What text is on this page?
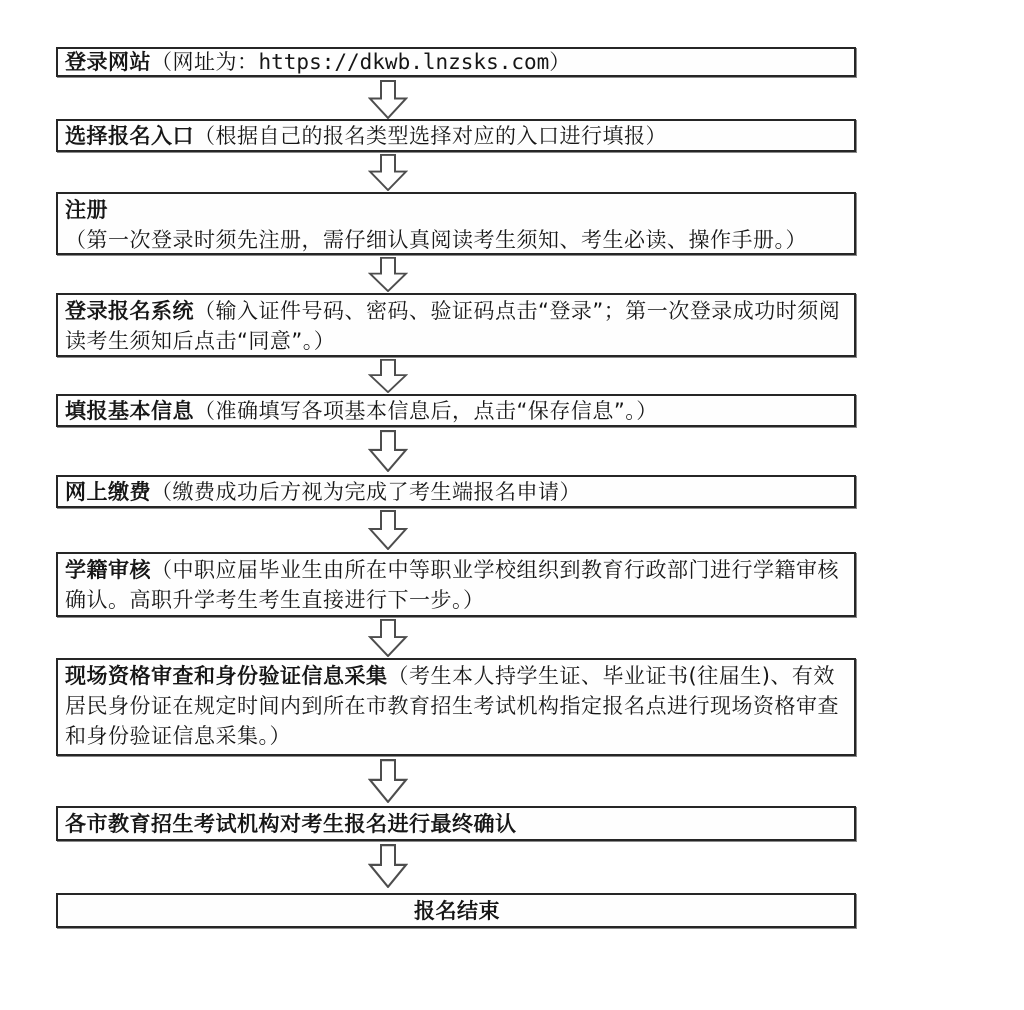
登录网站（网址为：https://dkwb.lnzsks.com）
选择报名入口（根据自己的报名类型选择对应的入口进行填报）
注册（第一次登录时须先注册，需仔细认真阅读考生须知、考生必读、操作手册。）
登录报名系统（输入证件号码、密码、验证码点击“登录”；第一次登录成功时须阅读考生须知后点击“同意”。）
填报基本信息（准确填写各项基本信息后，点击“保存信息”。）
网上缴费（缴费成功后方视为完成了考生端报名申请）
学籍审核（中职应届毕业生由所在中等职业学校组织到教育行政部门进行学籍审核确认。高职升学考生考生直接进行下一步。）
现场资格审查和身份验证信息采集（考生本人持学生证、毕业证书(往届生)、有效居民身份证在规定时间内到所在市教育招生考试机构指定报名点进行现场资格审查和身份验证信息采集。）
各市教育招生考试机构对考生报名进行最终确认
报名结束
